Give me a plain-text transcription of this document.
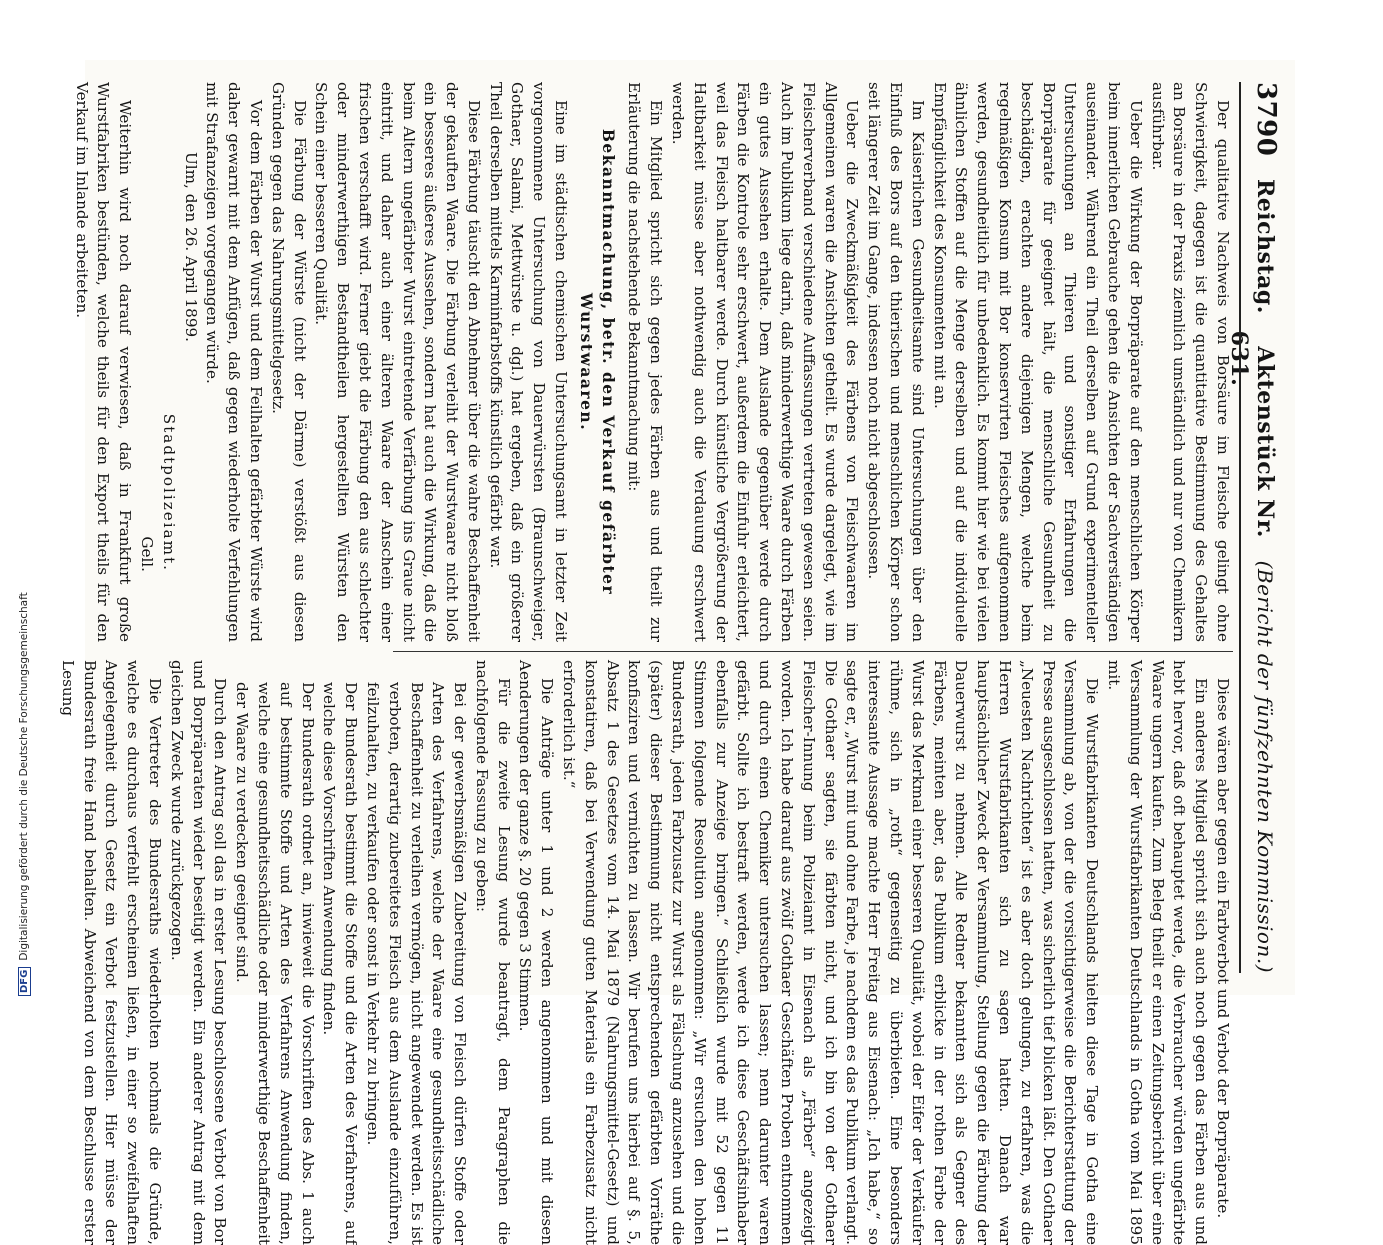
3790
Reichstag.  Aktenstück Nr. 631.
(Bericht der fünfzehnten Kommission.)

Der qualitative Nachweis von Borsäure im Fleische gelingt ohne Schwierigkeit, dagegen ist die quantitative Bestimmung des Gehaltes an Borsäure in der Praxis ziemlich umständlich und nur von Chemikern ausführbar.

Ueber die Wirkung der Borpräparate auf den menschlichen Körper beim innerlichen Gebrauche gehen die Ansichten der Sachverständigen auseinander. Während ein Theil derselben auf Grund experimenteller Untersuchungen an Thieren und sonstiger Erfahrungen die Borpräparate für geeignet hält, die menschliche Gesundheit zu beschädigen, erachten andere diejenigen Mengen, welche beim regelmäßigen Konsum mit Bor konservirten Fleisches aufgenommen werden, gesundheitlich für unbedenklich. Es kommt hier wie bei vielen ähnlichen Stoffen auf die Menge derselben und auf die individuelle Empfänglichkeit des Konsumenten mit an.

Im Kaiserlichen Gesundheitsamte sind Untersuchungen über den Einfluß des Bors auf den thierischen und menschlichen Körper schon seit längerer Zeit im Gange, indessen noch nicht abgeschlossen.

Ueber die Zweckmäßigkeit des Färbens von Fleischwaaren im Allgemeinen waren die Ansichten getheilt. Es wurde dargelegt, wie im Fleischerverband verschiedene Auffassungen vertreten gewesen seien. Auch im Publikum liege darin, daß minderwerthige Waare durch Färben ein gutes Aussehen erhalte. Dem Auslande gegenüber werde durch Färben die Kontrole sehr erschwert, außerdem die Einfuhr erleichtert, weil das Fleisch haltbarer werde. Durch künstliche Vergrößerung der Haltbarkeit müsse aber nothwendig auch die Verdauung erschwert werden.

Ein Mitglied spricht sich gegen jedes Färben aus und theilt zur Erläuterung die nachstehende Bekanntmachung mit:

Bekanntmachung, betr. den Verkauf gefärbter Wurstwaaren.

Eine im städtischen chemischen Untersuchungsamt in letzter Zeit vorgenommene Untersuchung von Dauerwürsten (Braunschweiger, Gothaer, Salami, Mettwürste u. dgl.) hat ergeben, daß ein größerer Theil derselben mittels Karminfarbstoffs künstlich gefärbt war.

Diese Färbung täuscht den Abnehmer über die wahre Beschaffenheit der gekauften Waare. Die Färbung verleiht der Wurstwaare nicht bloß ein besseres äußeres Aussehen, sondern hat auch die Wirkung, daß die beim Altern ungefärbter Wurst eintretende Verfärbung ins Graue nicht eintritt, und daher auch einer älteren Waare der Anschein einer frischen verschafft wird. Ferner giebt die Färbung den aus schlechter oder minderwerthigen Bestandtheilen hergestellten Würsten den Schein einer besseren Qualität.

Die Färbung der Würste (nicht der Därme) verstößt aus diesen Gründen gegen das Nahrungsmittelgesetz.

Vor dem Färben der Wurst und dem Feilhalten gefärbter Würste wird daher gewarnt mit dem Anfügen, daß gegen wiederholte Verfehlungen mit Strafanzeigen vorgegangen würde.

Ulm, den 26. April 1899.

Stadtpolizeiamt.

Gell.

Weiterhin wird noch darauf verwiesen, daß in Frankfurt große Wurstfabriken bestünden, welche theils für den Export theils für den Verkauf im Inlande arbeiteten.

Diese wären aber gegen ein Farbverbot und Verbot der Borpräparate.

Ein anderes Mitglied spricht sich auch noch gegen das Färben aus und hebt hervor, daß oft behauptet werde, die Verbraucher würden ungefärbte Waare ungern kaufen. Zum Beleg theilt er einen Zeitungsbericht über eine Versammlung der Wurstfabrikanten Deutschlands in Gotha vom Mai 1895 mit.

Die Wurstfabrikanten Deutschlands hielten diese Tage in Gotha eine Versammlung ab, von der die vorsichtigerweise die Berichterstattung der Presse ausgeschlossen hatten, was sicherlich tief blicken läßt. Den Gothaer „Neuesten Nachrichten“ ist es aber doch gelungen, zu erfahren, was die Herren Wurstfabrikanten sich zu sagen hatten. Danach war hauptsächlicher Zweck der Versammlung, Stellung gegen die Färbung der Dauerwurst zu nehmen. Alle Redner bekannten sich als Gegner des Färbens, meinten aber, das Publikum erblicke in der rothen Farbe der Wurst das Merkmal einer besseren Qualität, wobei der Eifer der Verkäufer rühme, sich in „roth“ gegenseitig zu überbieten. Eine besonders interessante Aussage machte Herr Freitag aus Eisenach: „Ich habe,“ so sagte er, „Wurst mit und ohne Farbe, je nachdem es das Publikum verlangt. Die Gothaer sagten, sie färbten nicht, und ich bin von der Gothaer Fleischer-Innung beim Polizeiamt in Eisenach als „Färber“ angezeigt worden. Ich habe darauf aus zwölf Gothaer Geschäften Proben entnommen und durch einen Chemiker untersuchen lassen; nenn darunter waren gefärbt. Sollte ich bestraft werden, werde ich diese Geschäftsinhaber ebenfalls zur Anzeige bringen.“ Schließlich wurde mit 52 gegen 11 Stimmen folgende Resolution angenommen: „Wir ersuchen den hohen Bundesrath, jeden Farbzusatz zur Wurst als Fälschung anzusehen und die (später) dieser Bestimmung nicht entsprechenden gefärbten Vorräthe konfisziren und vernichten zu lassen. Wir berufen uns hierbei auf §. 5, Absatz 1 des Gesetzes vom 14. Mai 1879 (Nahrungsmittel-Gesetz) und konstatiren, daß bei Verwendung guten Materials ein Farbezusatz nicht erforderlich ist.“

Die Anträge unter 1 und 2 werden angenommen und mit diesen Aenderungen der ganze §. 20 gegen 3 Stimmen.

Für die zweite Lesung wurde beantragt, dem Paragraphen die nachfolgende Fassung zu geben:

Bei der gewerbsmäßigen Zubereitung von Fleisch dürfen Stoffe oder Arten des Verfahrens, welche der Waare eine gesundheitsschädliche Beschaffenheit zu verleihen vermögen, nicht angewendet werden. Es ist verboten, derartig zubereitetes Fleisch aus dem Auslande einzuführen, feilzuhalten, zu verkaufen oder sonst in Verkehr zu bringen.

Der Bundesrath bestimmt die Stoffe und die Arten des Verfahrens, auf welche diese Vorschriften Anwendung finden.

Der Bundesrath ordnet an, inwieweit die Vorschriften des Abs. 1 auch auf bestimmte Stoffe und Arten des Verfahrens Anwendung finden, welche eine gesundheitsschädliche oder minderwerthige Beschaffenheit der Waare zu verdecken geeignet sind.

Durch den Antrag soll das in erster Lesung beschlossene Verbot von Bor und Borpräparaten wieder beseitigt werden. Ein anderer Antrag mit dem gleichen Zweck wurde zurückgezogen.

Die Vertreter des Bundesraths wiederholten nochmals die Gründe, welche es durchaus verfehlt erscheinen ließen, in einer so zweifelhaften Angelegenheit durch Gesetz ein Verbot festzustellen. Hier müsse der Bundesrath freie Hand behalten. Abweichend von dem Beschlusse erster Lesung

DFGDigitalisierung gefördert durch die Deutsche Forschungsgemeinschaft
